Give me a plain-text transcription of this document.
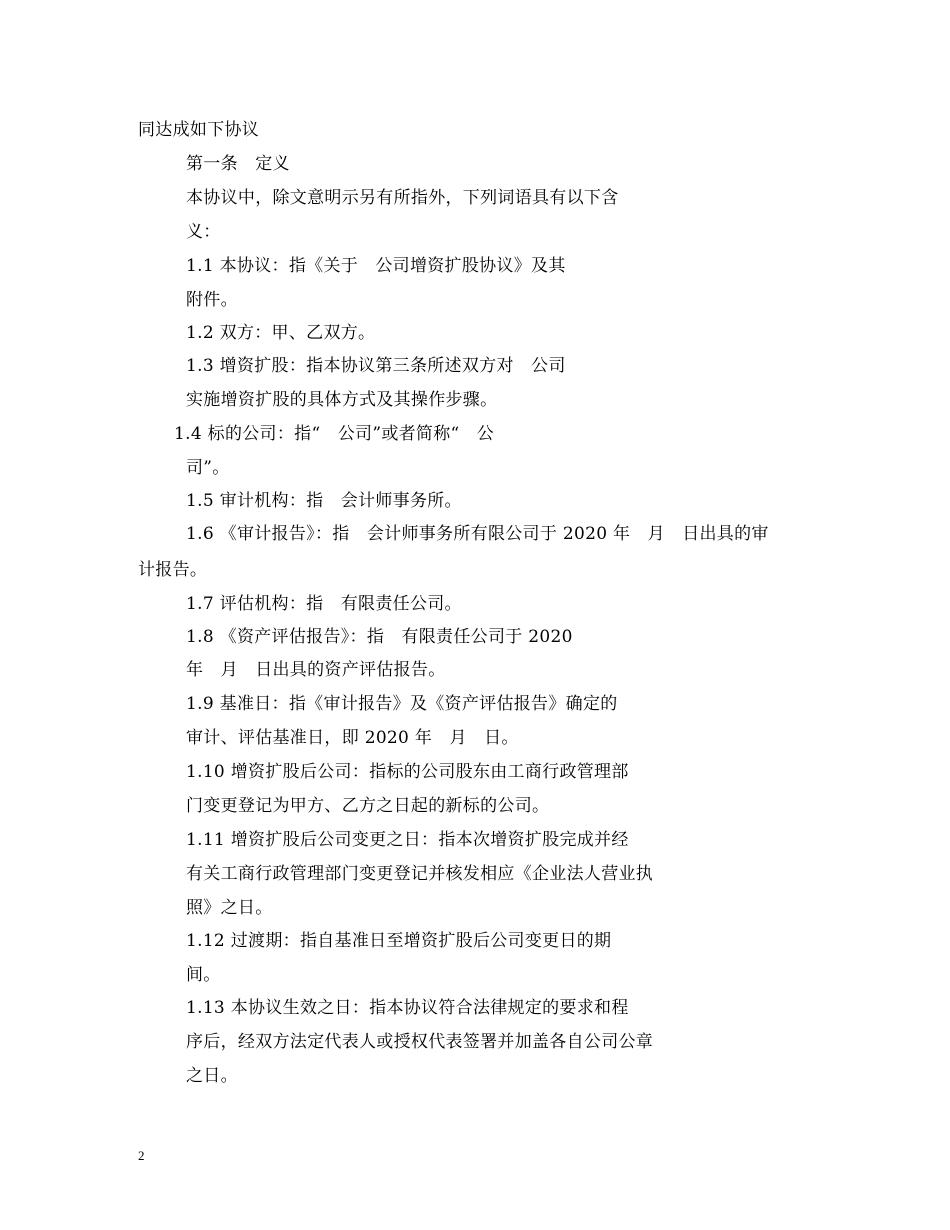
同达成如下协议
第一条　定义
本协议中，除文意明示另有所指外，下列词语具有以下含
义：
1.1 本协议：指《关于　公司增资扩股协议》及其
附件。
1.2 双方：甲、乙双方。
1.3 增资扩股：指本协议第三条所述双方对　公司
实施增资扩股的具体方式及其操作步骤。
1.4 标的公司：指“　公司”或者简称“　公
司”。
1.5 审计机构：指　会计师事务所。
1.6 《审计报告》：指　会计师事务所有限公司于 2020 年　月　日出具的审
计报告。
1.7 评估机构：指　有限责任公司。
1.8 《资产评估报告》：指　有限责任公司于 2020
年　月　日出具的资产评估报告。
1.9 基准日：指《审计报告》及《资产评估报告》确定的
审计、评估基准日，即 2020 年　月　日。
1.10 增资扩股后公司：指标的公司股东由工商行政管理部
门变更登记为甲方、乙方之日起的新标的公司。
1.11 增资扩股后公司变更之日：指本次增资扩股完成并经
有关工商行政管理部门变更登记并核发相应《企业法人营业执
照》之日。
1.12 过渡期：指自基准日至增资扩股后公司变更日的期
间。
1.13 本协议生效之日：指本协议符合法律规定的要求和程
序后，经双方法定代表人或授权代表签署并加盖各自公司公章
之日。
2
